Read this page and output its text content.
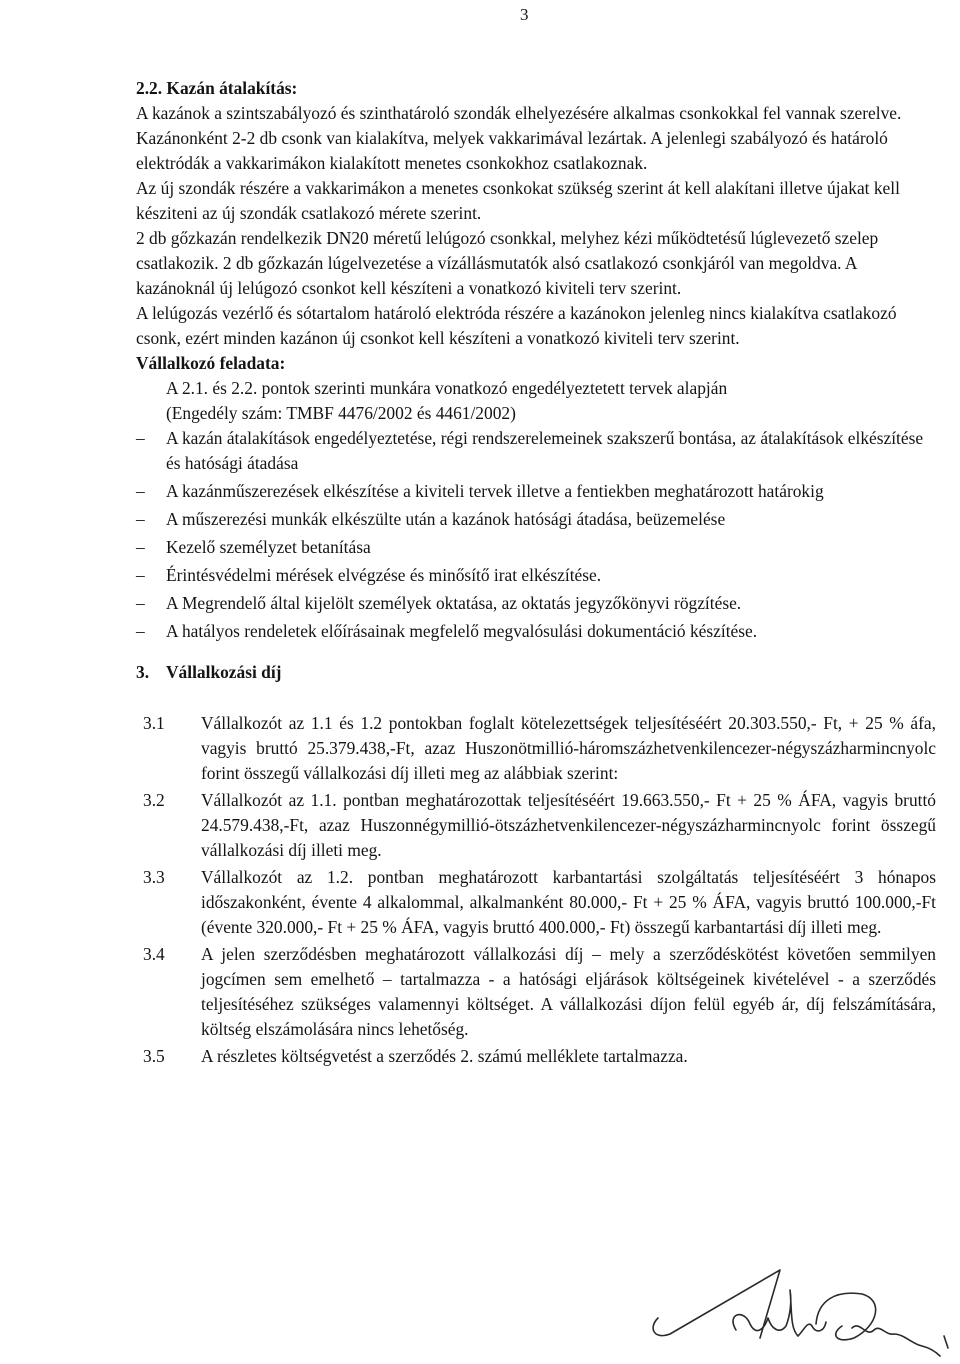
3

2.2. Kazán átalakítás:

A kazánok a szintszabályozó és szinthatároló szondák elhelyezésére alkalmas csonkokkal fel vannak szerelve. Kazánonként 2-2 db csonk van kialakítva, melyek vakkarimával lezártak. A jelenlegi szabályozó és határoló elektródák a vakkarimákon kialakított menetes csonkokhoz csatlakoznak.

Az új szondák részére a vakkarimákon a menetes csonkokat szükség szerint át kell alakítani illetve újakat kell késziteni az új szondák csatlakozó mérete szerint.

2 db gőzkazán rendelkezik DN20 méretű lelúgozó csonkkal, melyhez kézi működtetésű lúglevezető szelep csatlakozik. 2 db gőzkazán lúgelvezetése a vízállásmutatók alsó csatlakozó csonkjáról van megoldva. A kazánoknál új lelúgozó csonkot kell készíteni a vonatkozó kiviteli terv szerint.

A lelúgozás vezérlő és sótartalom határoló elektróda részére a kazánokon jelenleg nincs kialakítva csatlakozó csonk, ezért minden kazánon új csonkot kell készíteni a vonatkozó kiviteli terv szerint.

Vállalkozó feladata:

A 2.1. és 2.2. pontok szerinti munkára vonatkozó engedélyeztetett tervek alapján

(Engedély szám: TMBF 4476/2002 és 4461/2002)

– A kazán átalakítások engedélyeztetése, régi rendszerelemeinek szakszerű bontása, az átalakítások elkészítése és hatósági átadása
– A kazánműszerezések elkészítése a kiviteli tervek illetve a fentiekben meghatározott határokig
– A műszerezési munkák elkészülte után a kazánok hatósági átadása, beüzemelése
– Kezelő személyzet betanítása
– Érintésvédelmi mérések elvégzése és minősítő irat elkészítése.
– A Megrendelő által kijelölt személyek oktatása, az oktatás jegyzőkönyvi rögzítése.
– A hatályos rendeletek előírásainak megfelelő megvalósulási dokumentáció készítése.

3. Vállalkozási díj

3.1 Vállalkozót az 1.1 és 1.2 pontokban foglalt kötelezettségek teljesítéséért 20.303.550,- Ft, + 25 % áfa, vagyis bruttó 25.379.438,-Ft, azaz Huszonötmillió-háromszázhetvenkilencezer-négyszázharmincnyolc forint összegű vállalkozási díj illeti meg az alábbiak szerint:
3.2 Vállalkozót az 1.1. pontban meghatározottak teljesítéséért 19.663.550,- Ft + 25 % ÁFA, vagyis bruttó 24.579.438,-Ft, azaz Huszonnégymillió-ötszázhetvenkilencezer-négyszázharmincnyolc forint összegű vállalkozási díj illeti meg.
3.3 Vállalkozót az 1.2. pontban meghatározott karbantartási szolgáltatás teljesítéséért 3 hónapos időszakonként, évente 4 alkalommal, alkalmanként 80.000,- Ft + 25 % ÁFA, vagyis bruttó 100.000,-Ft (évente 320.000,- Ft + 25 % ÁFA, vagyis bruttó 400.000,- Ft) összegű karbantartási díj illeti meg.
3.4 A jelen szerződésben meghatározott vállalkozási díj – mely a szerződéskötést követően semmilyen jogcímen sem emelhető – tartalmazza - a hatósági eljárások költségeinek kivételével - a szerződés teljesítéséhez szükséges valamennyi költséget. A vállalkozási díjon felül egyéb ár, díj felszámítására, költség elszámolására nincs lehetőség.
3.5 A részletes költségvetést a szerződés 2. számú melléklete tartalmazza.
